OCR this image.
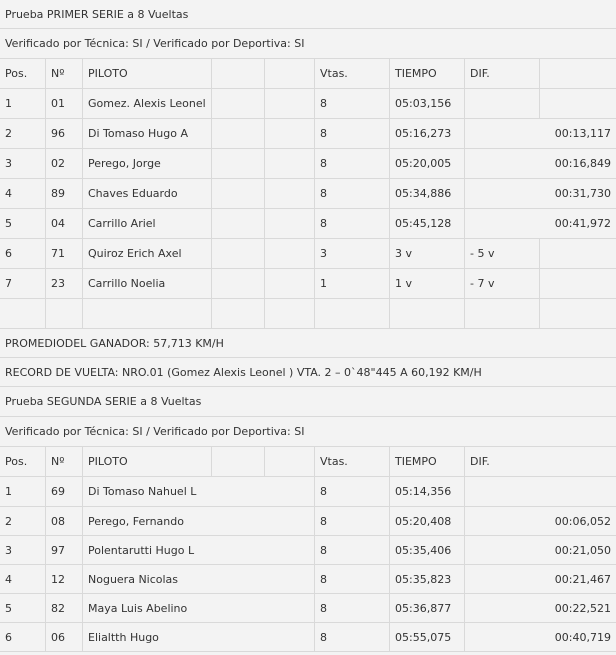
Prueba PRIMER SERIE a 8 Vueltas
Verificado por Técnica: SI / Verificado por Deportiva: SI
Pos.	Nº	PILOTO	Vtas.	TIEMPO	DIF.
1	01	Gomez. Alexis Leonel	8	05:03,156
2	96	Di Tomaso Hugo A	8	05:16,273	00:13,117
3	02	Perego, Jorge	8	05:20,005	00:16,849
4	89	Chaves Eduardo	8	05:34,886	00:31,730
5	04	Carrillo Ariel	8	05:45,128	00:41,972
6	71	Quiroz Erich Axel	3	3 v	- 5 v
7	23	Carrillo Noelia	1	1 v	- 7 v
PROMEDIODEL GANADOR: 57,713 KM/H
RECORD DE VUELTA: NRO.01 (Gomez Alexis Leonel ) VTA. 2 – 0`48"445 A 60,192 KM/H
Prueba SEGUNDA SERIE a 8 Vueltas
Verificado por Técnica: SI / Verificado por Deportiva: SI
Pos.	Nº	PILOTO	Vtas.	TIEMPO	DIF.
1	69	Di Tomaso Nahuel L	8	05:14,356
2	08	Perego, Fernando	8	05:20,408	00:06,052
3	97	Polentarutti Hugo L	8	05:35,406	00:21,050
4	12	Noguera Nicolas	8	05:35,823	00:21,467
5	82	Maya Luis Abelino	8	05:36,877	00:22,521
6	06	Elialtth Hugo	8	05:55,075	00:40,719
